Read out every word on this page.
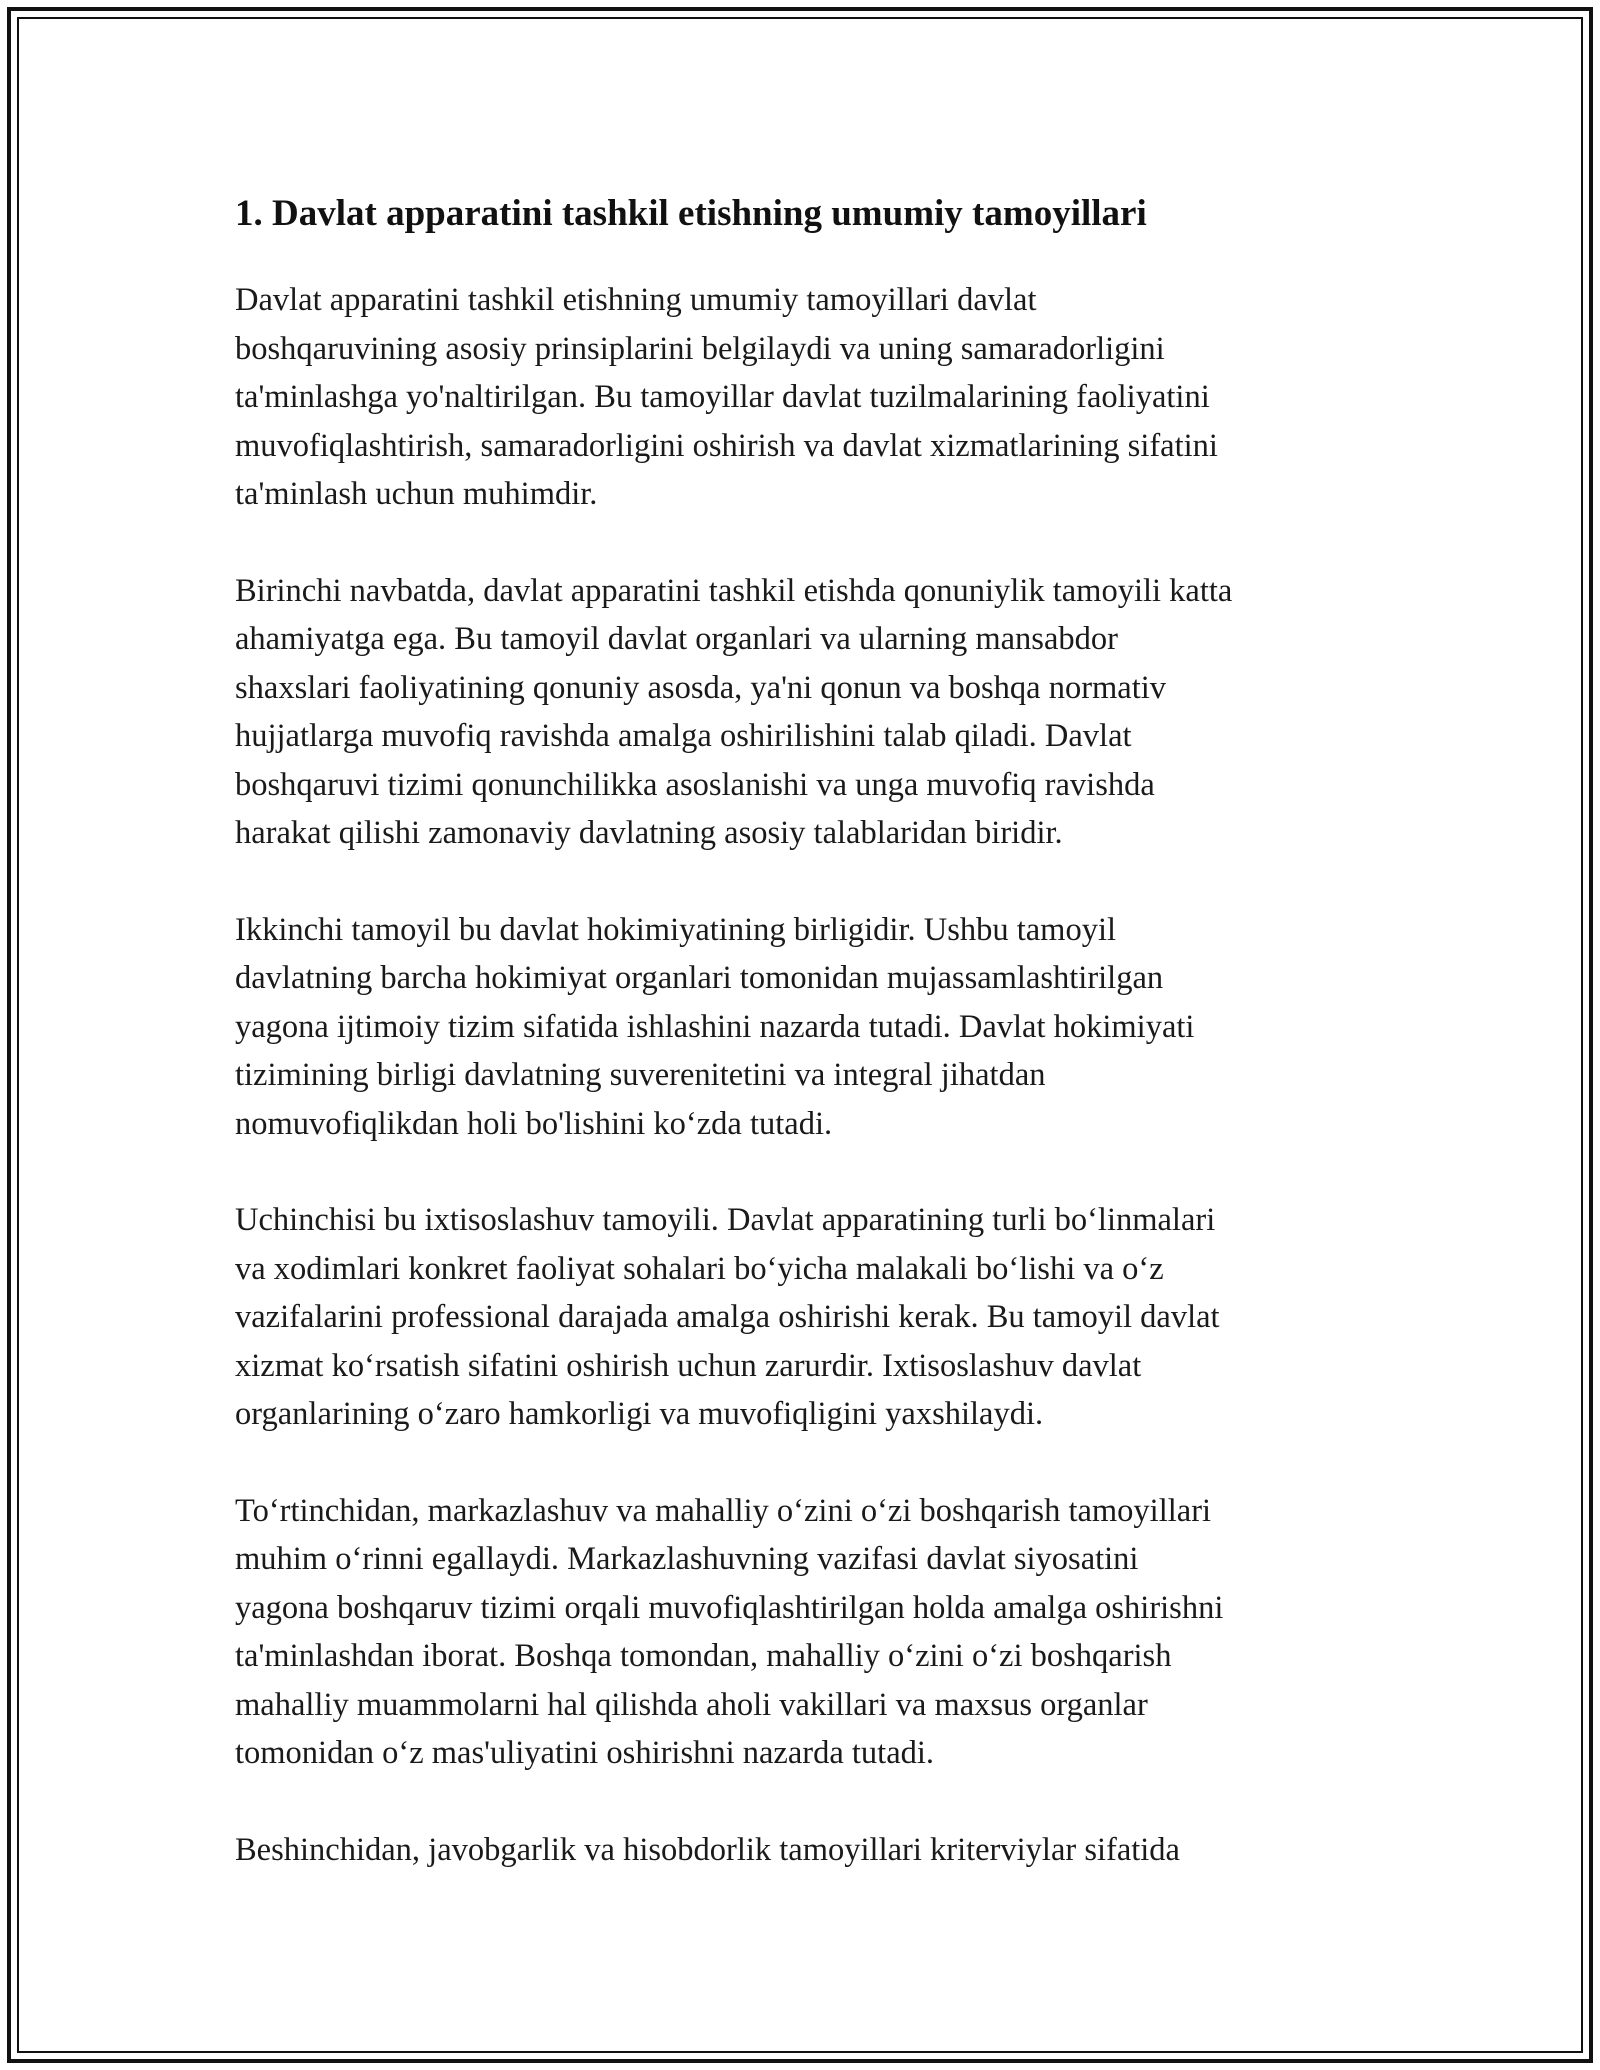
1. Davlat apparatini tashkil etishning umumiy tamoyillari

Davlat apparatini tashkil etishning umumiy tamoyillari davlat
boshqaruvining asosiy prinsiplarini belgilaydi va uning samaradorligini
ta'minlashga yo'naltirilgan. Bu tamoyillar davlat tuzilmalarining faoliyatini
muvofiqlashtirish, samaradorligini oshirish va davlat xizmatlarining sifatini
ta'minlash uchun muhimdir.

Birinchi navbatda, davlat apparatini tashkil etishda qonuniylik tamoyili katta
ahamiyatga ega. Bu tamoyil davlat organlari va ularning mansabdor
shaxslari faoliyatining qonuniy asosda, ya'ni qonun va boshqa normativ
hujjatlarga muvofiq ravishda amalga oshirilishini talab qiladi. Davlat
boshqaruvi tizimi qonunchilikka asoslanishi va unga muvofiq ravishda
harakat qilishi zamonaviy davlatning asosiy talablaridan biridir.

Ikkinchi tamoyil bu davlat hokimiyatining birligidir. Ushbu tamoyil
davlatning barcha hokimiyat organlari tomonidan mujassamlashtirilgan
yagona ijtimoiy tizim sifatida ishlashini nazarda tutadi. Davlat hokimiyati
tizimining birligi davlatning suverenitetini va integral jihatdan
nomuvofiqlikdan holi bo'lishini ko‘zda tutadi.

Uchinchisi bu ixtisoslashuv tamoyili. Davlat apparatining turli bo‘linmalari
va xodimlari konkret faoliyat sohalari bo‘yicha malakali bo‘lishi va o‘z
vazifalarini professional darajada amalga oshirishi kerak. Bu tamoyil davlat
xizmat ko‘rsatish sifatini oshirish uchun zarurdir. Ixtisoslashuv davlat
organlarining o‘zaro hamkorligi va muvofiqligini yaxshilaydi.

To‘rtinchidan, markazlashuv va mahalliy o‘zini o‘zi boshqarish tamoyillari
muhim o‘rinni egallaydi. Markazlashuvning vazifasi davlat siyosatini
yagona boshqaruv tizimi orqali muvofiqlashtirilgan holda amalga oshirishni
ta'minlashdan iborat. Boshqa tomondan, mahalliy o‘zini o‘zi boshqarish
mahalliy muammolarni hal qilishda aholi vakillari va maxsus organlar
tomonidan o‘z mas'uliyatini oshirishni nazarda tutadi.

Beshinchidan, javobgarlik va hisobdorlik tamoyillari kriterviylar sifatida
